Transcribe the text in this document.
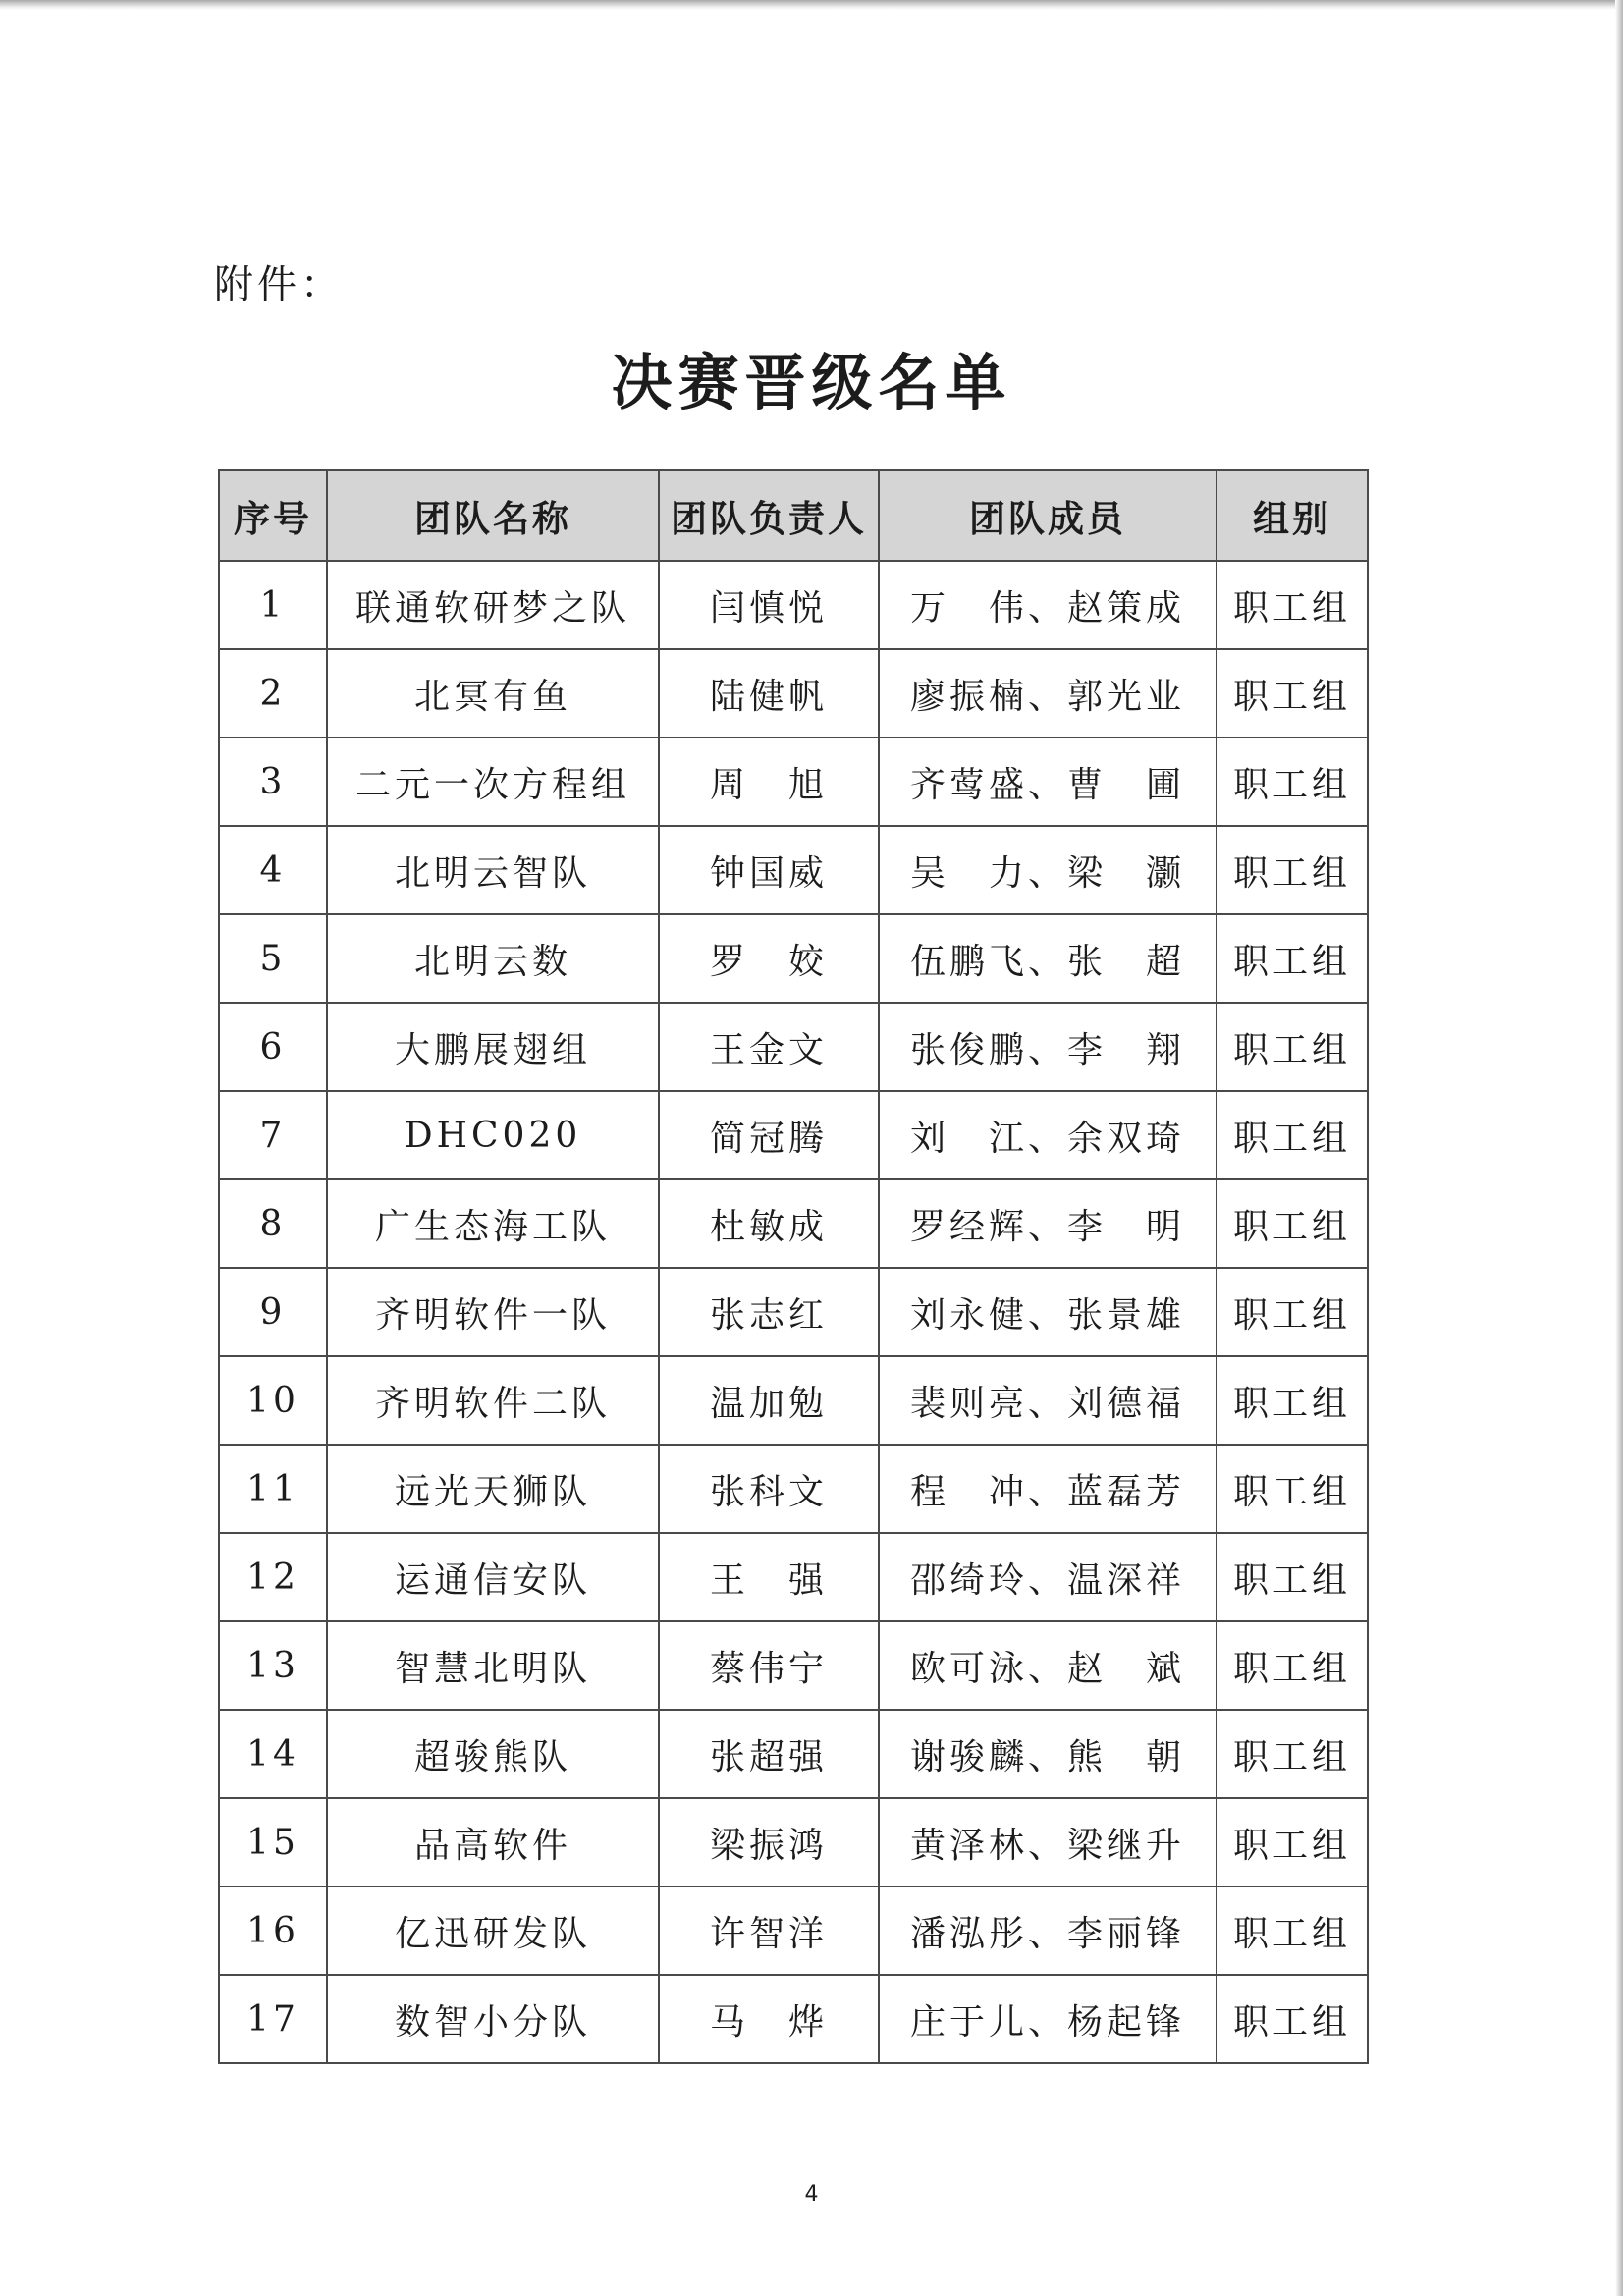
附件：
决赛晋级名单
序号	团队名称	团队负责人	团队成员	组别
1	联通软研梦之队	闫慎悦	万　伟、赵策成	职工组
2	北冥有鱼	陆健帆	廖振楠、郭光业	职工组
3	二元一次方程组	周　旭	齐莺盛、曹　圃	职工组
4	北明云智队	钟国威	吴　力、梁　灏	职工组
5	北明云数	罗　姣	伍鹏飞、张　超	职工组
6	大鹏展翅组	王金文	张俊鹏、李　翔	职工组
7	DHC020	简冠腾	刘　江、余双琦	职工组
8	广生态海工队	杜敏成	罗经辉、李　明	职工组
9	齐明软件一队	张志红	刘永健、张景雄	职工组
10	齐明软件二队	温加勉	裴则亮、刘德福	职工组
11	远光天狮队	张科文	程　冲、蓝磊芳	职工组
12	运通信安队	王　强	邵绮玲、温深祥	职工组
13	智慧北明队	蔡伟宁	欧可泳、赵　斌	职工组
14	超骏熊队	张超强	谢骏麟、熊　朝	职工组
15	品高软件	梁振鸿	黄泽林、梁继升	职工组
16	亿迅研发队	许智洋	潘泓彤、李丽锋	职工组
17	数智小分队	马　烨	庄于儿、杨起锋	职工组
4
